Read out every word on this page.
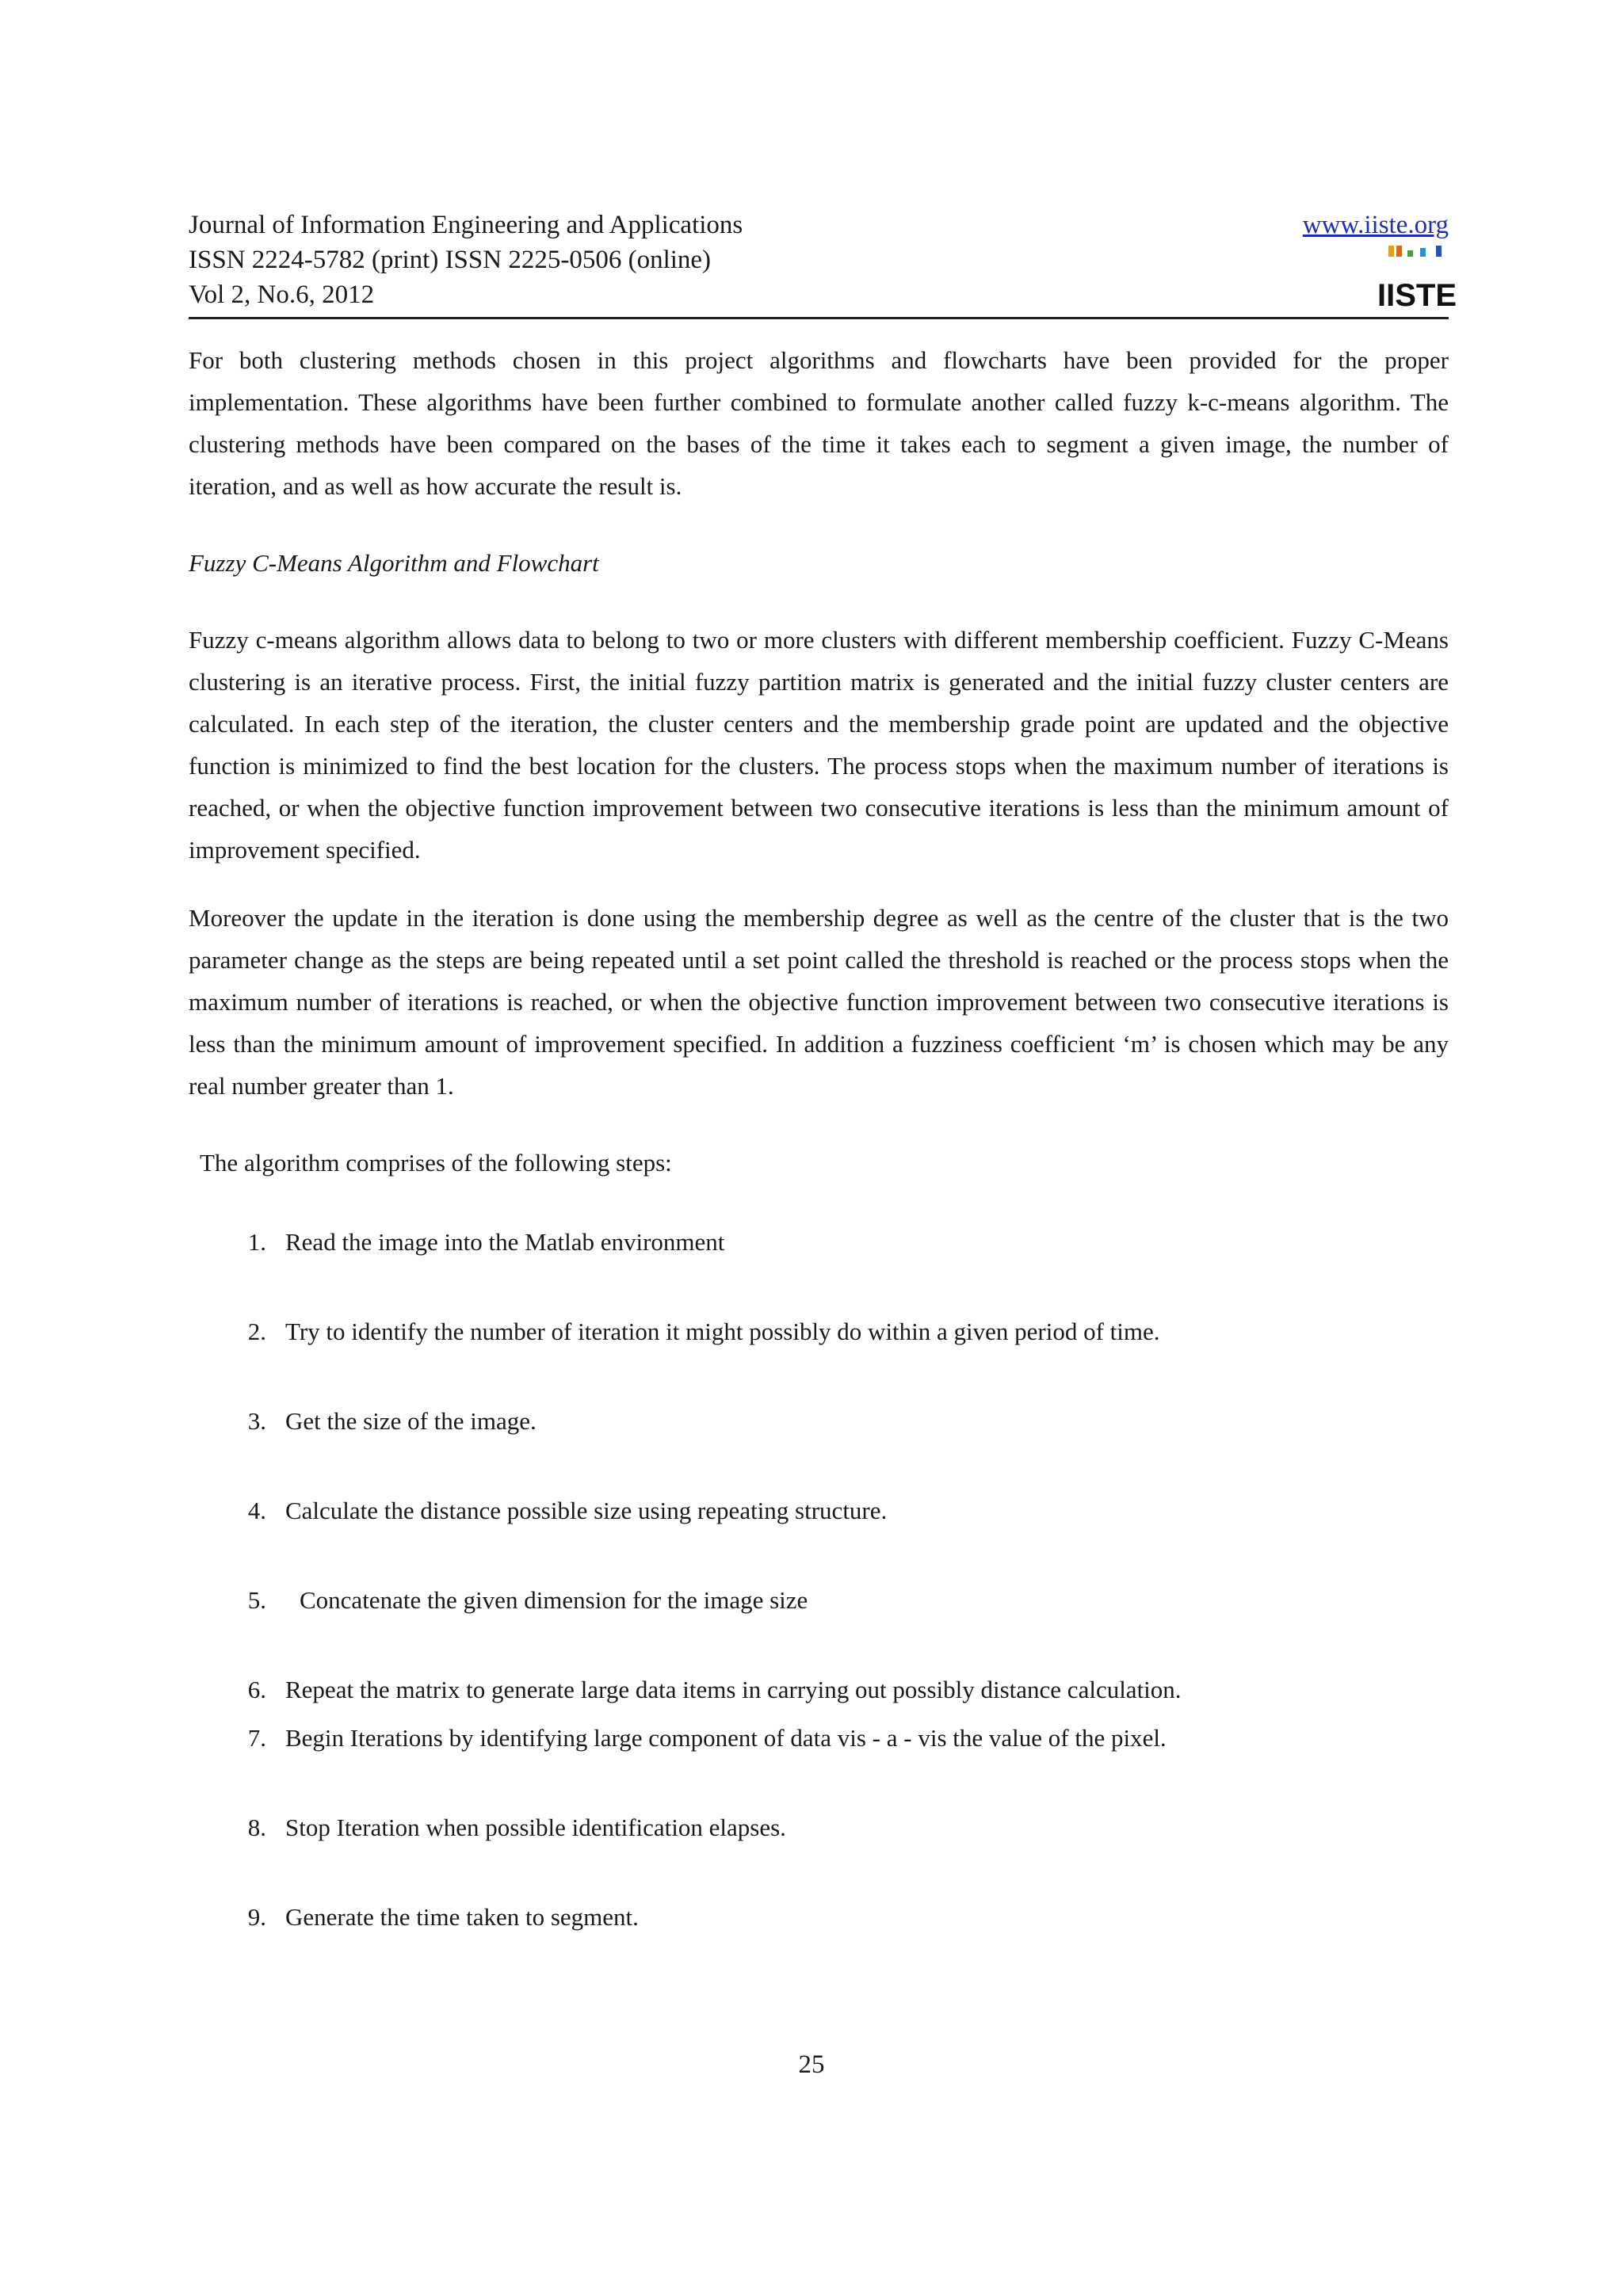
Journal of Information Engineering and Applications
ISSN 2224-5782 (print) ISSN 2225-0506 (online)
Vol 2, No.6, 2012
www.iiste.org
IISTE

For both clustering methods chosen in this project algorithms and flowcharts have been provided for the proper implementation. These algorithms have been further combined to formulate another called fuzzy k-c-means algorithm. The clustering methods have been compared on the bases of the time it takes each to segment a given image, the number of iteration, and as well as how accurate the result is.

Fuzzy C-Means Algorithm and Flowchart

Fuzzy c-means algorithm allows data to belong to two or more clusters with different membership coefficient. Fuzzy C-Means clustering is an iterative process. First, the initial fuzzy partition matrix is generated and the initial fuzzy cluster centers are calculated. In each step of the iteration, the cluster centers and the membership grade point are updated and the objective function is minimized to find the best location for the clusters. The process stops when the maximum number of iterations is reached, or when the objective function improvement between two consecutive iterations is less than the minimum amount of improvement specified.

Moreover the update in the iteration is done using the membership degree as well as the centre of the cluster that is the two parameter change as the steps are being repeated until a set point called the threshold is reached or the process stops when the maximum number of iterations is reached, or when the objective function improvement between two consecutive iterations is less than the minimum amount of improvement specified. In addition a fuzziness coefficient ‘m’ is chosen which may be any real number greater than 1.

The algorithm comprises of the following steps:

1. Read the image into the Matlab environment
2. Try to identify the number of iteration it might possibly do within a given period of time.
3. Get the size of the image.
4. Calculate the distance possible size using repeating structure.
5.	Concatenate the given dimension for the image size
6. Repeat the matrix to generate large data items in carrying out possibly distance calculation.
7. Begin Iterations by identifying large component of data vis - a - vis the value of the pixel.
8. Stop Iteration when possible identification elapses.
9. Generate the time taken to segment.
25
